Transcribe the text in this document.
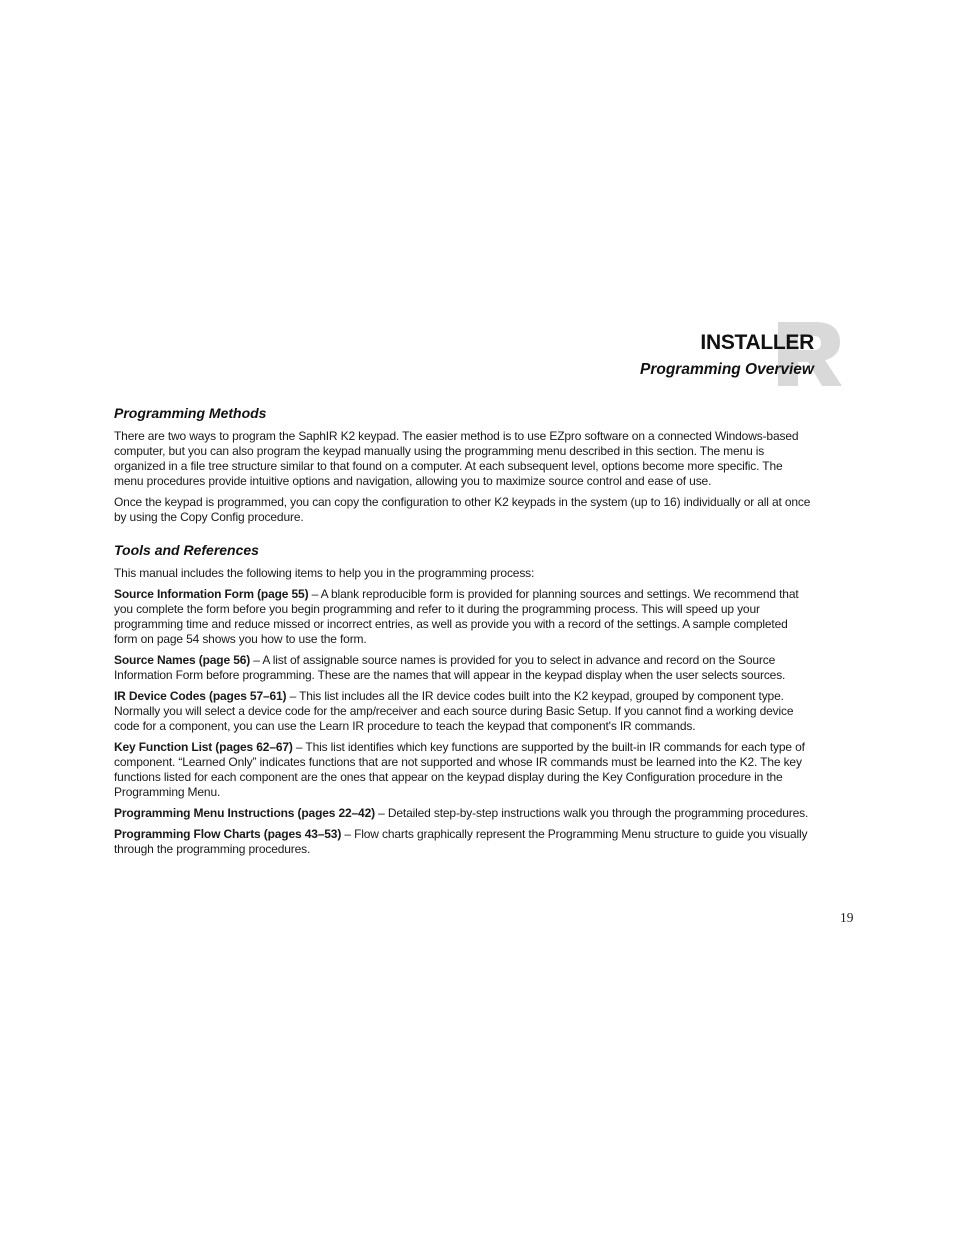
INSTALLER
Programming Overview
Programming Methods

There are two ways to program the SaphIR K2 keypad. The easier method is to use EZpro software on a connected Windows-based computer, but you can also program the keypad manually using the programming menu described in this section. The menu is organized in a file tree structure similar to that found on a computer. At each subsequent level, options become more specific. The menu procedures provide intuitive options and navigation, allowing you to maximize source control and ease of use.

Once the keypad is programmed, you can copy the configuration to other K2 keypads in the system (up to 16) individually or all at once by using the Copy Config procedure.

Tools and References

This manual includes the following items to help you in the programming process:

Source Information Form (page 55) – A blank reproducible form is provided for planning sources and settings. We recommend that you complete the form before you begin programming and refer to it during the programming process. This will speed up your programming time and reduce missed or incorrect entries, as well as provide you with a record of the settings. A sample completed form on page 54 shows you how to use the form.

Source Names (page 56) – A list of assignable source names is provided for you to select in advance and record on the Source Information Form before programming. These are the names that will appear in the keypad display when the user selects sources.

IR Device Codes (pages 57–61) – This list includes all the IR device codes built into the K2 keypad, grouped by component type. Normally you will select a device code for the amp/receiver and each source during Basic Setup. If you cannot find a working device code for a component, you can use the Learn IR procedure to teach the keypad that component's IR commands.

Key Function List (pages 62–67) – This list identifies which key functions are supported by the built-in IR commands for each type of component. “Learned Only” indicates functions that are not supported and whose IR commands must be learned into the K2. The key functions listed for each component are the ones that appear on the keypad display during the Key Configuration procedure in the Programming Menu.

Programming Menu Instructions (pages 22–42) – Detailed step-by-step instructions walk you through the programming procedures.

Programming Flow Charts (pages 43–53) – Flow charts graphically represent the Programming Menu structure to guide you visually through the programming procedures.

19
